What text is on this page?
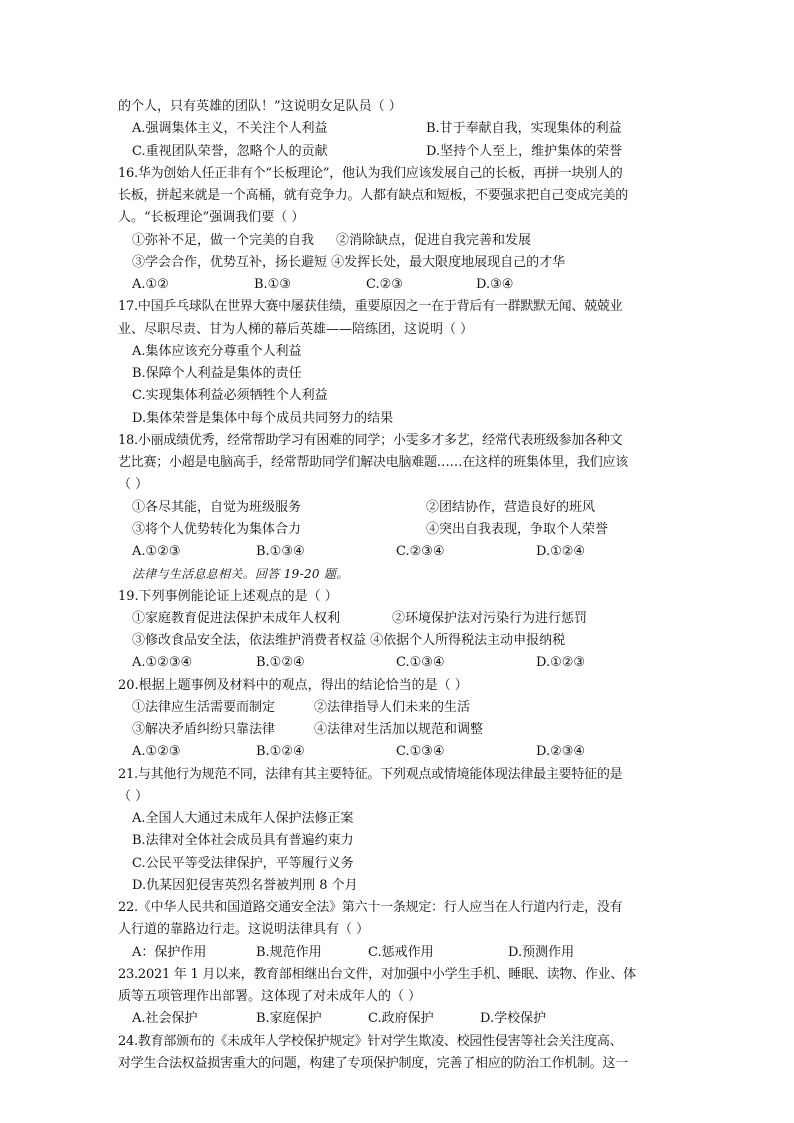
的个人，只有英雄的团队！”这说明女足队员（ ）
A.强调集体主义，不关注个人利益	B.甘于奉献自我，实现集体的利益
C.重视团队荣誉，忽略个人的贡献	D.坚持个人至上，维护集体的荣誉
16.华为创始人任正非有个“长板理论”，他认为我们应该发展自己的长板，再拼一块别人的
长板，拼起来就是一个高桶，就有竞争力。人都有缺点和短板，不要强求把自己变成完美的
人。“长板理论”强调我们要（ ）
①弥补不足，做一个完美的自我 ②消除缺点，促进自我完善和发展
③学会合作，优势互补，扬长避短 ④发挥长处，最大限度地展现自己的才华
A.①②	B.①③	C.②③	D.③④
17.中国乒乓球队在世界大赛中屡获佳绩，重要原因之一在于背后有一群默默无闻、兢兢业
业、尽职尽责、甘为人梯的幕后英雄——陪练团，这说明（ ）
A.集体应该充分尊重个人利益
B.保障个人利益是集体的责任
C.实现集体利益必须牺牲个人利益
D.集体荣誉是集体中每个成员共同努力的结果
18.小丽成绩优秀，经常帮助学习有困难的同学；小雯多才多艺，经常代表班级参加各种文
艺比赛；小超是电脑高手，经常帮助同学们解决电脑难题……在这样的班集体里，我们应该
（ ）
①各尽其能，自觉为班级服务	②团结协作，营造良好的班风
③将个人优势转化为集体合力	④突出自我表现，争取个人荣誉
A.①②③	B.①③④	C.②③④	D.①②④
法律与生活息息相关。回答 19-20 题。
19.下列事例能论证上述观点的是（ ）
①家庭教育促进法保护未成年人权利	②环境保护法对污染行为进行惩罚
③修改食品安全法，依法维护消费者权益 ④依据个人所得税法主动申报纳税
A.①②③④	B.①②④	C.①③④	D.①②③
20.根据上题事例及材料中的观点，得出的结论恰当的是（ ）
①法律应生活需要而制定	②法律指导人们未来的生活
③解决矛盾纠纷只靠法律	④法律对生活加以规范和调整
A.①②③	B.①②④	C.①③④	D.②③④
21.与其他行为规范不同，法律有其主要特征。下列观点或情境能体现法律最主要特征的是
（ ）
A.全国人大通过未成年人保护法修正案
B.法律对全体社会成员具有普遍约束力
C.公民平等受法律保护，平等履行义务
D.仇某因犯侵害英烈名誉被判刑 8 个月
22.《中华人民共和国道路交通安全法》第六十一条规定：行人应当在人行道内行走，没有
人行道的靠路边行走。这说明法律具有（ ）
A：保护作用	B.规范作用	C.惩戒作用	D.预测作用
23.2021 年 1 月以来，教育部相继出台文件，对加强中小学生手机、睡眠、读物、作业、体
质等五项管理作出部署。这体现了对未成年人的（ ）
A.社会保护	B.家庭保护	C.政府保护	D.学校保护
24.教育部颁布的《未成年人学校保护规定》针对学生欺凌、校园性侵害等社会关注度高、
对学生合法权益损害重大的问题，构建了专项保护制度，完善了相应的防治工作机制。这一
